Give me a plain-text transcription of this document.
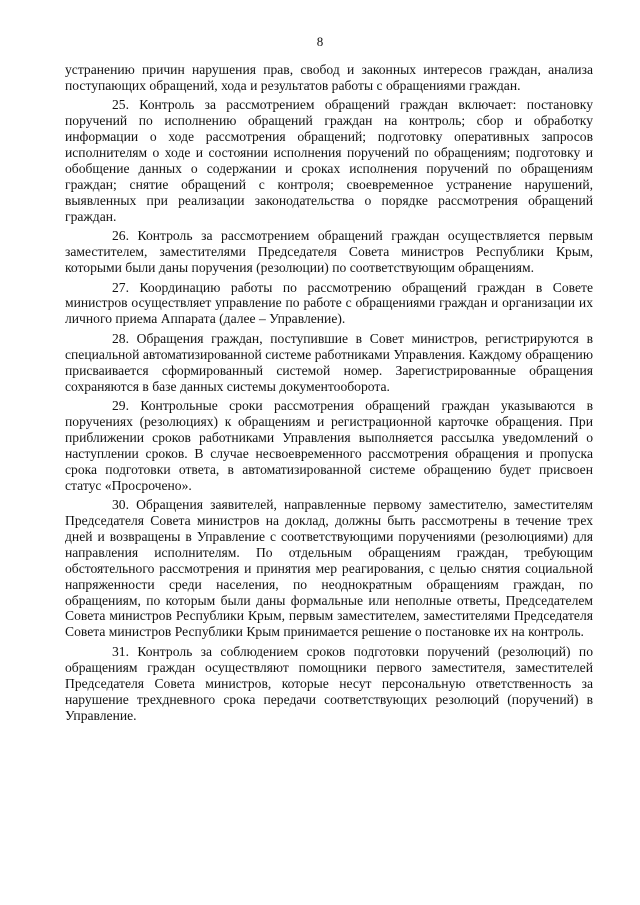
8

устранению причин нарушения прав, свобод и законных интересов граждан, анализа поступающих обращений, хода и результатов работы с обращениями граждан.

25. Контроль за рассмотрением обращений граждан включает: постановку поручений по исполнению обращений граждан на контроль; сбор и обработку информации о ходе рассмотрения обращений; подготовку оперативных запросов исполнителям о ходе и состоянии исполнения поручений по обращениям; подготовку и обобщение данных о содержании и сроках исполнения поручений по обращениям граждан; снятие обращений с контроля; своевременное устранение нарушений, выявленных при реализации законодательства о порядке рассмотрения обращений граждан.

26. Контроль за рассмотрением обращений граждан осуществляется первым заместителем, заместителями Председателя Совета министров Республики Крым, которыми были даны поручения (резолюции) по соответствующим обращениям.

27. Координацию работы по рассмотрению обращений граждан в Совете министров осуществляет управление по работе с обращениями граждан и организации их личного приема Аппарата (далее – Управление).

28. Обращения граждан, поступившие в Совет министров, регистрируются в специальной автоматизированной системе работниками Управления. Каждому обращению присваивается сформированный системой номер. Зарегистрированные обращения сохраняются в базе данных системы документооборота.

29. Контрольные сроки рассмотрения обращений граждан указываются в поручениях (резолюциях) к обращениям и регистрационной карточке обращения. При приближении сроков работниками Управления выполняется рассылка уведомлений о наступлении сроков. В случае несвоевременного рассмотрения обращения и пропуска срока подготовки ответа, в автоматизированной системе обращению будет присвоен статус «Просрочено».

30. Обращения заявителей, направленные первому заместителю, заместителям Председателя Совета министров на доклад, должны быть рассмотрены в течение трех дней и возвращены в Управление с соответствующими поручениями (резолюциями) для направления исполнителям. По отдельным обращениям граждан, требующим обстоятельного рассмотрения и принятия мер реагирования, с целью снятия социальной напряженности среди населения, по неоднократным обращениям граждан, по обращениям, по которым были даны формальные или неполные ответы, Председателем Совета министров Республики Крым, первым заместителем, заместителями Председателя Совета министров Республики Крым принимается решение о постановке их на контроль.

31. Контроль за соблюдением сроков подготовки поручений (резолюций) по обращениям граждан осуществляют помощники первого заместителя, заместителей Председателя Совета министров, которые несут персональную ответственность за нарушение трехдневного срока передачи соответствующих резолюций (поручений) в Управление.
